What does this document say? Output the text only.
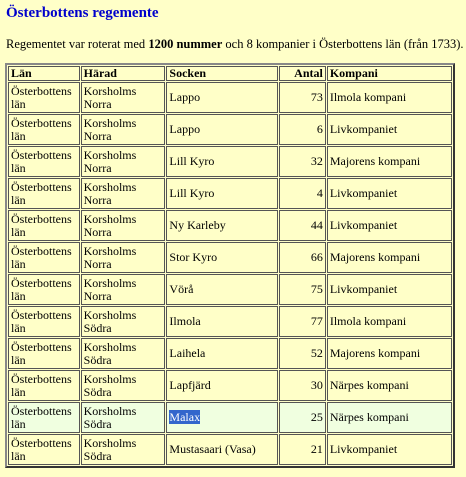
Österbottens regemente

Regementet var roterat med 1200 nummer och 8 kompanier i Österbottens län (från 1733).

Län	Härad	Socken	Antal	Kompani
Österbottens län	Korsholms Norra	Lappo	73	Ilmola kompani
Österbottens län	Korsholms Norra	Lappo	6	Livkompaniet
Österbottens län	Korsholms Norra	Lill Kyro	32	Majorens kompani
Österbottens län	Korsholms Norra	Lill Kyro	4	Livkompaniet
Österbottens län	Korsholms Norra	Ny Karleby	44	Livkompaniet
Österbottens län	Korsholms Norra	Stor Kyro	66	Majorens kompani
Österbottens län	Korsholms Norra	Vörå	75	Livkompaniet
Österbottens län	Korsholms Södra	Ilmola	77	Ilmola kompani
Österbottens län	Korsholms Södra	Laihela	52	Majorens kompani
Österbottens län	Korsholms Södra	Lapfjärd	30	Närpes kompani
Österbottens län	Korsholms Södra	Malax	25	Närpes kompani
Österbottens län	Korsholms Södra	Mustasaari (Vasa)	21	Livkompaniet
